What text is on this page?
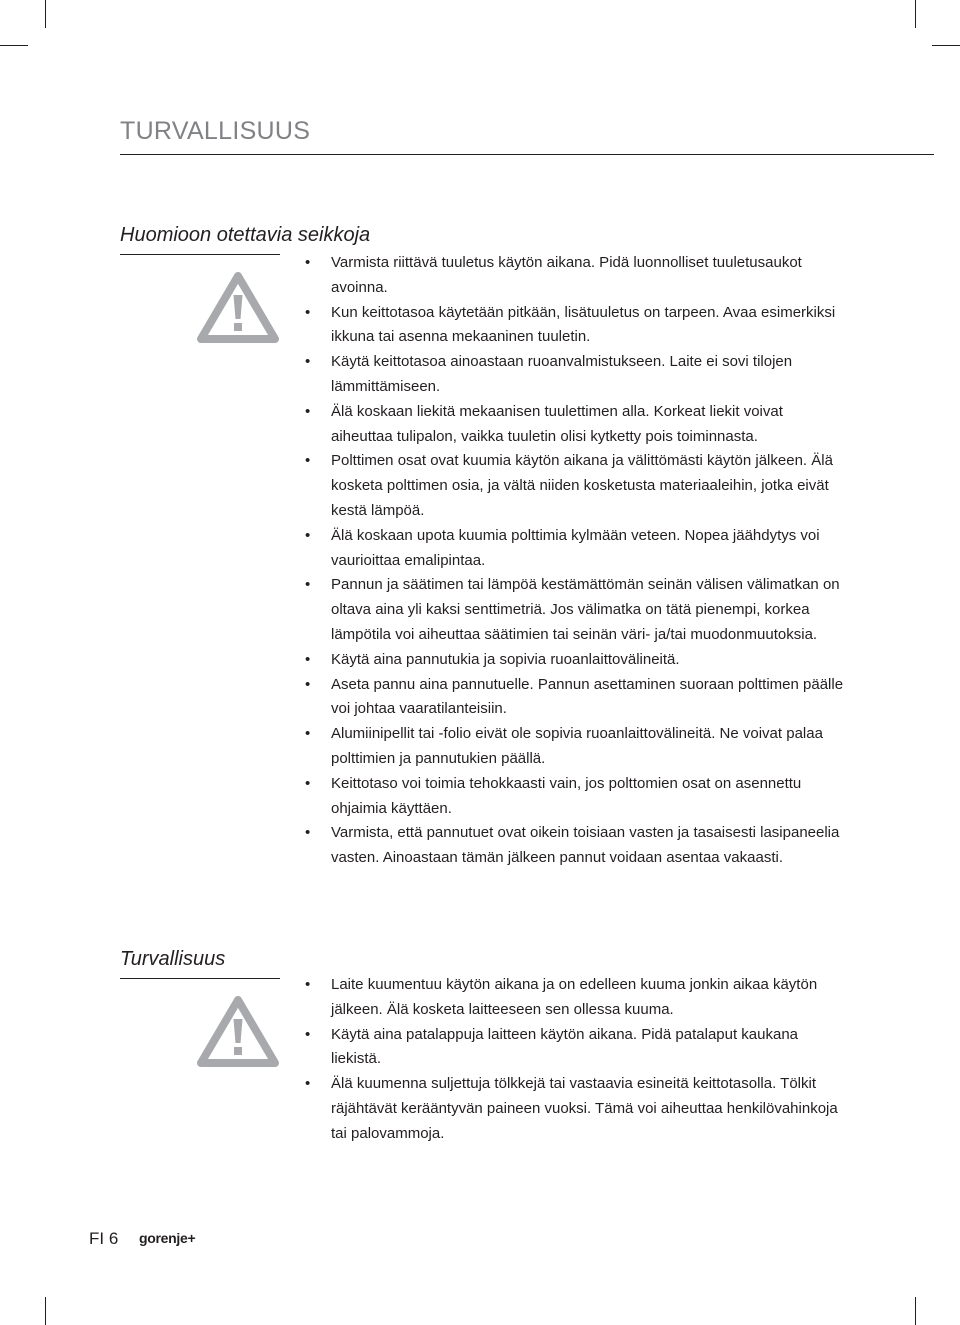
TURVALLISUUS
Huomioon otettavia seikkoja
• Varmista riittävä tuuletus käytön aikana. Pidä luonnolliset tuuletusaukot avoinna.
• Kun keittotasoa käytetään pitkään, lisätuuletus on tarpeen. Avaa esimerkiksi ikkuna tai asenna mekaaninen tuuletin.
• Käytä keittotasoa ainoastaan ruoanvalmistukseen. Laite ei sovi tilojen lämmittämiseen.
• Älä koskaan liekitä mekaanisen tuulettimen alla. Korkeat liekit voivat aiheuttaa tulipalon, vaikka tuuletin olisi kytketty pois toiminnasta.
• Polttimen osat ovat kuumia käytön aikana ja välittömästi käytön jälkeen. Älä kosketa polttimen osia, ja vältä niiden kosketusta materiaaleihin, jotka eivät kestä lämpöä.
• Älä koskaan upota kuumia polttimia kylmään veteen. Nopea jäähdytys voi vaurioittaa emalipintaa.
• Pannun ja säätimen tai lämpöä kestämättömän seinän välisen välimatkan on oltava aina yli kaksi senttimetriä. Jos välimatka on tätä pienempi, korkea lämpötila voi aiheuttaa säätimien tai seinän väri- ja/tai muodonmuutoksia.
• Käytä aina pannutukia ja sopivia ruoanlaittovälineitä.
• Aseta pannu aina pannutuelle. Pannun asettaminen suoraan polttimen päälle voi johtaa vaaratilanteisiin.
• Alumiinipellit tai -folio eivät ole sopivia ruoanlaittovälineitä. Ne voivat palaa polttimien ja pannutukien päällä.
• Keittotaso voi toimia tehokkaasti vain, jos polttomien osat on asennettu ohjaimia käyttäen.
• Varmista, että pannutuet ovat oikein toisiaan vasten ja tasaisesti lasipaneelia vasten. Ainoastaan tämän jälkeen pannut voidaan asentaa vakaasti.
Turvallisuus
• Laite kuumentuu käytön aikana ja on edelleen kuuma jonkin aikaa käytön jälkeen. Älä kosketa laitteeseen sen ollessa kuuma.
• Käytä aina patalappuja laitteen käytön aikana. Pidä patalaput kaukana liekistä.
• Älä kuumenna suljettuja tölkkejä tai vastaavia esineitä keittotasolla. Tölkit räjähtävät kerääntyvän paineen vuoksi. Tämä voi aiheuttaa henkilövahinkoja tai palovammoja.
FI 6 gorenje+
